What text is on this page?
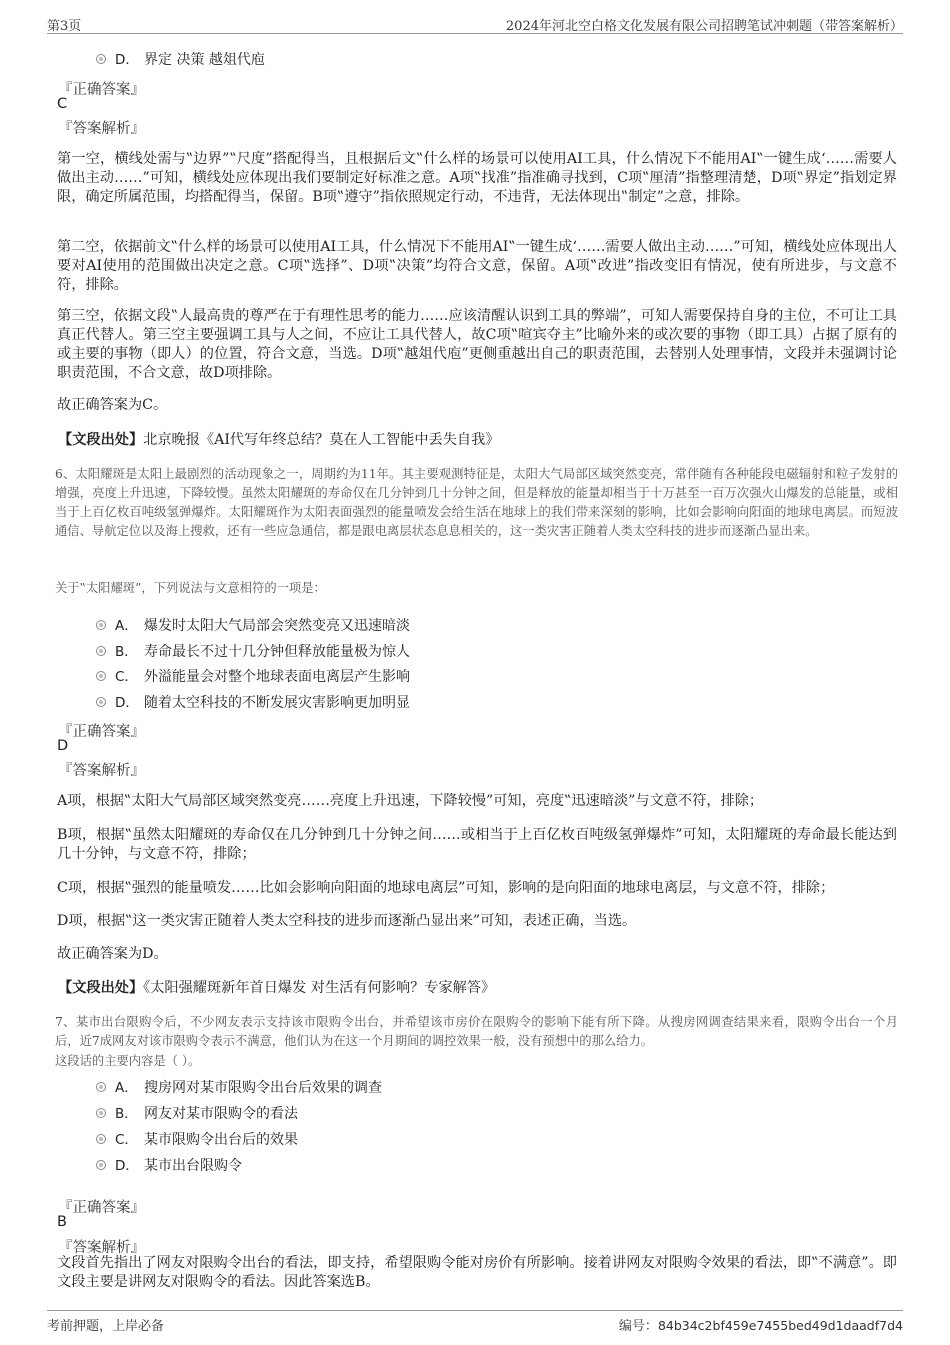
第3页	2024年河北空白格文化发展有限公司招聘笔试冲刺题（带答案解析）
D． 界定 决策 越俎代庖
『正确答案』
C
『答案解析』
第一空，横线处需与‟边界”‟尺度”搭配得当，且根据后文‟什么样的场景可以使用AI工具，什么情况下不能用AI‟一键生成‘……需要人做出主动……”可知，横线处应体现出我们要制定好标准之意。A项‟找准”指准确寻找到，C项‟厘清”指整理清楚，D项‟界定”指划定界限，确定所属范围，均搭配得当，保留。B项‟遵守”指依照规定行动，不违背，无法体现出‟制定”之意，排除。
第二空，依据前文‟什么样的场景可以使用AI工具，什么情况下不能用AI‟一键生成‘……需要人做出主动……”可知，横线处应体现出人要对AI使用的范围做出决定之意。C项‟选择”、D项‟决策”均符合文意，保留。A项‟改进”指改变旧有情况，使有所进步，与文意不符，排除。
第三空，依据文段‟人最高贵的尊严在于有理性思考的能力……应该清醒认识到工具的弊端”，可知人需要保持自身的主位，不可让工具真正代替人。第三空主要强调工具与人之间，不应让工具代替人，故C项‟喧宾夺主”比喻外来的或次要的事物（即工具）占据了原有的或主要的事物（即人）的位置，符合文意，当选。D项‟越俎代庖”更侧重越出自己的职责范围，去替别人处理事情，文段并未强调讨论职责范围，不合文意，故D项排除。
故正确答案为C。
【文段出处】北京晚报《AI代写年终总结？莫在人工智能中丢失自我》
6、太阳耀斑是太阳上最剧烈的活动现象之一，周期约为11年。其主要观测特征是，太阳大气局部区域突然变亮，常伴随有各种能段电磁辐射和粒子发射的增强，亮度上升迅速，下降较慢。虽然太阳耀斑的寿命仅在几分钟到几十分钟之间，但是释放的能量却相当于十万甚至一百万次强火山爆发的总能量，或相当于上百亿枚百吨级氢弹爆炸。太阳耀斑作为太阳表面强烈的能量喷发会给生活在地球上的我们带来深刻的影响，比如会影响向阳面的地球电离层。而短波通信、导航定位以及海上搜救，还有一些应急通信，都是跟电离层状态息息相关的，这一类灾害正随着人类太空科技的进步而逐渐凸显出来。
关于‟太阳耀斑”，下列说法与文意相符的一项是：
A． 爆发时太阳大气局部会突然变亮又迅速暗淡
B． 寿命最长不过十几分钟但释放能量极为惊人
C． 外溢能量会对整个地球表面电离层产生影响
D． 随着太空科技的不断发展灾害影响更加明显
『正确答案』
D
『答案解析』
A项，根据‟太阳大气局部区域突然变亮……亮度上升迅速，下降较慢”可知，亮度‟迅速暗淡”与文意不符，排除；
B项，根据‟虽然太阳耀斑的寿命仅在几分钟到几十分钟之间……或相当于上百亿枚百吨级氢弹爆炸”可知，太阳耀斑的寿命最长能达到几十分钟，与文意不符，排除；
C项，根据‟强烈的能量喷发……比如会影响向阳面的地球电离层”可知，影响的是向阳面的地球电离层，与文意不符，排除；
D项，根据‟这一类灾害正随着人类太空科技的进步而逐渐凸显出来”可知，表述正确，当选。
故正确答案为D。
【文段出处】《太阳强耀斑新年首日爆发 对生活有何影响？专家解答》
7、某市出台限购令后，不少网友表示支持该市限购令出台，并希望该市房价在限购令的影响下能有所下降。从搜房网调查结果来看，限购令出台一个月后，近7成网友对该市限购令表示不满意，他们认为在这一个月期间的调控效果一般，没有预想中的那么给力。
这段话的主要内容是（ ）。
A． 搜房网对某市限购令出台后效果的调查
B． 网友对某市限购令的看法
C． 某市限购令出台后的效果
D． 某市出台限购令
『正确答案』
B
『答案解析』
文段首先指出了网友对限购令出台的看法，即支持，希望限购令能对房价有所影响。接着讲网友对限购令效果的看法，即‟不满意”。即文段主要是讲网友对限购令的看法。因此答案选B。
考前押题，上岸必备	编号：84b34c2bf459e7455bed49d1daadf7d4
